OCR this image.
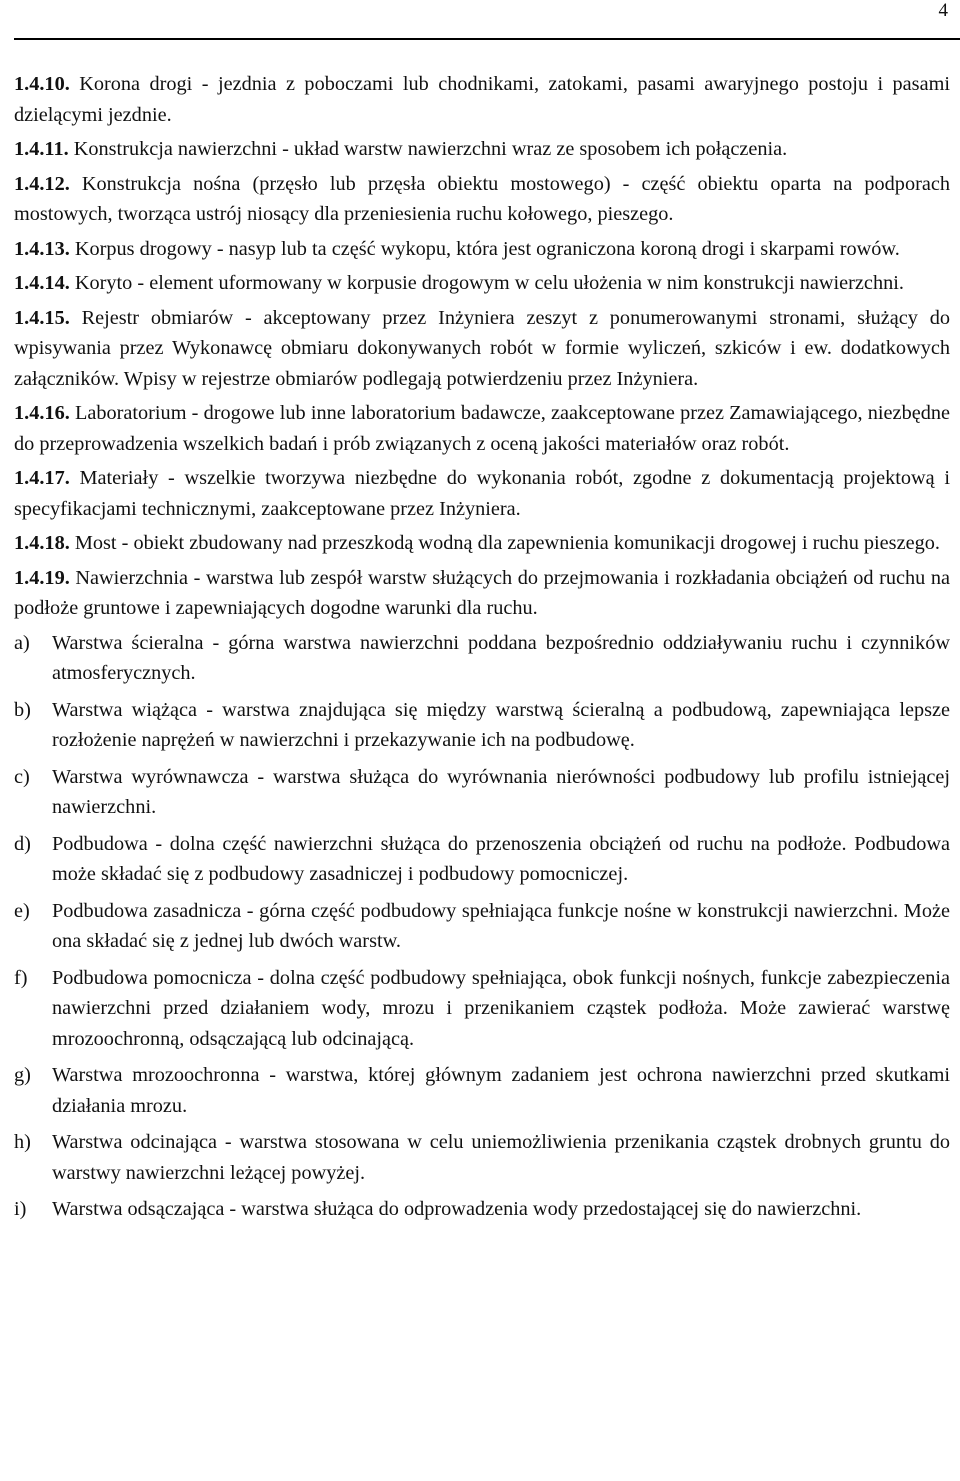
4

1.4.10. Korona drogi - jezdnia z poboczami lub chodnikami, zatokami, pasami awaryjnego postoju i pasami dzielącymi jezdnie.

1.4.11. Konstrukcja nawierzchni - układ warstw nawierzchni wraz ze sposobem ich połączenia.

1.4.12. Konstrukcja nośna (przęsło lub przęsła obiektu mostowego) - część obiektu oparta na podporach mostowych, tworząca ustrój niosący dla przeniesienia ruchu kołowego, pieszego.

1.4.13. Korpus drogowy - nasyp lub ta część wykopu, która jest ograniczona koroną drogi i skarpami rowów.

1.4.14. Koryto - element uformowany w korpusie drogowym w celu ułożenia w nim konstrukcji nawierzchni.

1.4.15. Rejestr obmiarów - akceptowany przez Inżyniera zeszyt z ponumerowanymi stronami, służący do wpisywania przez Wykonawcę obmiaru dokonywanych robót w formie wyliczeń, szkiców i ew. dodatkowych załączników. Wpisy w rejestrze obmiarów podlegają potwierdzeniu przez Inżyniera.

1.4.16. Laboratorium - drogowe lub inne laboratorium badawcze, zaakceptowane przez Zamawiającego, niezbędne do przeprowadzenia wszelkich badań i prób związanych z oceną jakości materiałów oraz robót.

1.4.17. Materiały - wszelkie tworzywa niezbędne do wykonania robót, zgodne z dokumentacją projektową i specyfikacjami technicznymi, zaakceptowane przez Inżyniera.

1.4.18. Most - obiekt zbudowany nad przeszkodą wodną dla zapewnienia komunikacji drogowej i ruchu pieszego.

1.4.19. Nawierzchnia - warstwa lub zespół warstw służących do przejmowania i rozkładania obciążeń od ruchu na podłoże gruntowe i zapewniających dogodne warunki dla ruchu.

a)	Warstwa ścieralna - górna warstwa nawierzchni poddana bezpośrednio oddziaływaniu ruchu i czynników atmosferycznych.
b)	Warstwa wiążąca - warstwa znajdująca się między warstwą ścieralną a podbudową, zapewniająca lepsze rozłożenie naprężeń w nawierzchni i przekazywanie ich na podbudowę.
c)	Warstwa wyrównawcza - warstwa służąca do wyrównania nierówności podbudowy lub profilu istniejącej nawierzchni.
d)	Podbudowa - dolna część nawierzchni służąca do przenoszenia obciążeń od ruchu na podłoże. Podbudowa może składać się z podbudowy zasadniczej i podbudowy pomocniczej.
e)	Podbudowa zasadnicza - górna część podbudowy spełniająca funkcje nośne w konstrukcji nawierzchni. Może ona składać się z jednej lub dwóch warstw.
f)	Podbudowa pomocnicza - dolna część podbudowy spełniająca, obok funkcji nośnych, funkcje zabezpieczenia nawierzchni przed działaniem wody, mrozu i przenikaniem cząstek podłoża. Może zawierać warstwę mrozoochronną, odsączającą lub odcinającą.
g)	Warstwa mrozoochronna - warstwa, której głównym zadaniem jest ochrona nawierzchni przed skutkami działania mrozu.
h)	Warstwa odcinająca - warstwa stosowana w celu uniemożliwienia przenikania cząstek drobnych gruntu do warstwy nawierzchni leżącej powyżej.
i)	Warstwa odsączająca - warstwa służąca do odprowadzenia wody przedostającej się do nawierzchni.
